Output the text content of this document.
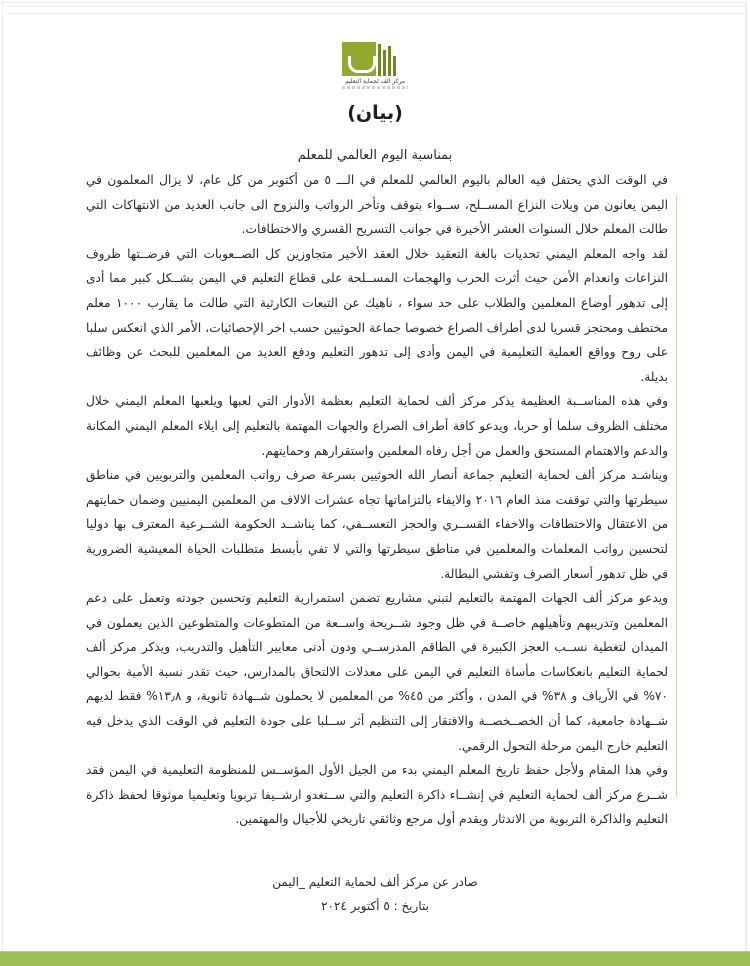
مركز ألف لحماية التعليم
(بيان)
بمناسبة اليوم العالمي للمعلم

في الوقت الذي يحتفل فيه العالم باليوم العالمي للمعلم في الـــ ٥ من أكتوبر من كل عام، لا يزال المعلمون في اليمن يعانون من ويلات النزاع المســلح، ســواء بتوقف وتأخر الرواتب والنزوح الى جانب العديد من الانتهاكات التي طالت المعلم خلال السنوات العشر الأخيرة في جوانب التسريح القسري والاختطافات.

لقد واجه المعلم اليمني تحديات بالغة التعقيد خلال العقد الأخير متجاوزين كل الصــعوبات التي فرضــتها ظروف النزاعات وانعدام الأمن حيث أثرت الحرب والهجمات المســلحة على قطاع التعليم في اليمن بشــكل كبير مما أدى إلى تدهور أوضاع المعلمين والطلاب على حد سواء ، ناهيك عن التبعات الكارثية التي طالت ما يقارب ١٠٠٠ معلم مختطف ومحتجز قسريا لدى أطراف الصراع خصوصا جماعة الحوثيين حسب اخر الإحصائيات، الأمر الذي انعكس سلبا على روح وواقع العملية التعليمية في اليمن وأدى إلى تدهور التعليم ودفع العديد من المعلمين للبحث عن وظائف بديلة.

وفي هذه المناســبة العظيمة يذكر مركز ألف لحماية التعليم بعظمة الأدوار التي لعبها ويلعبها المعلم اليمني خلال مختلف الظروف سلما أو حربا، ويدعو كافة أطراف الصراع والجهات المهتمة بالتعليم إلى ايلاء المعلم اليمني المكانة والدعم والاهتمام المستحق والعمل من أجل رفاه المعلمين واستقرارهم وحمايتهم.

ويناشـد مركز ألف لحماية التعليم جماعة أنصار الله الحوثيين بسرعة صرف رواتب المعلمين والتربويين في مناطق سيطرتها والتي توقفت منذ العام ٢٠١٦ والايفاء بالتزاماتها تجاه عشرات الالاف من المعلمين اليمنيين وضمان حمايتهم من الاعتقال والاختطافات والاخفاء القســري والحجز التعســفي، كما يناشــد الحكومة الشــرعية المعترف بها دوليا لتحسين رواتب المعلمات والمعلمين في مناطق سيطرتها والتي لا تفي بأبسط متطلبات الحياة المعيشية الضرورية في ظل تدهور أسعار الصرف وتفشي البطالة.

ويدعو مركز ألف الجهات المهتمة بالتعليم لتبني مشاريع تضمن استمرارية التعليم وتحسين جودته وتعمل على دعم المعلمين وتدريبهم وتأهيلهم خاصــة في ظل وجود شــريحة واســعة من المتطوعات والمتطوعين الذين يعملون في الميدان لتغطية نســب العجز الكبيرة في الطاقم المدرســي ودون أدنى معايير التأهيل والتدريب، ويذكر مركز ألف لحماية التعليم بانعكاسات مأساة التعليم في اليمن على معدلات الالتحاق بالمدارس، حيث تقدر نسبة الأمية بحوالي ٧٠% في الأرياف و ٣٨% في المدن ، وأكثر من ٤٥% من المعلمين لا يحملون شــهادة ثانوية، و ١٣٫٨% فقط لديهم شــهادة جامعية، كما أن الخصــخصــة والافتقار إلى التنظيم أثر ســلبا على جودة التعليم في الوقت الذي يدخل فيه التعليم خارج اليمن مرحلة التحول الرقمي.

وفي هذا المقام ولأجل حفظ تاريخ المعلم اليمني بدء من الجيل الأول المؤســس للمنظومة التعليمية في اليمن فقد شــرع مركز ألف لحماية التعليم في إنشــاء ذاكرة التعليم والتي ســتغدو ارشــيفا تربويا وتعليميا موثوقا لحفظ ذاكرة التعليم والذاكرة التربوية من الاندثار ويقدم أول مرجع وثائقي تاريخي للأجيال والمهتمين.

صادر عن مركز ألف لحماية التعليم _اليمن
بتاريخ : ٥ أكتوبر ٢٠٢٤
